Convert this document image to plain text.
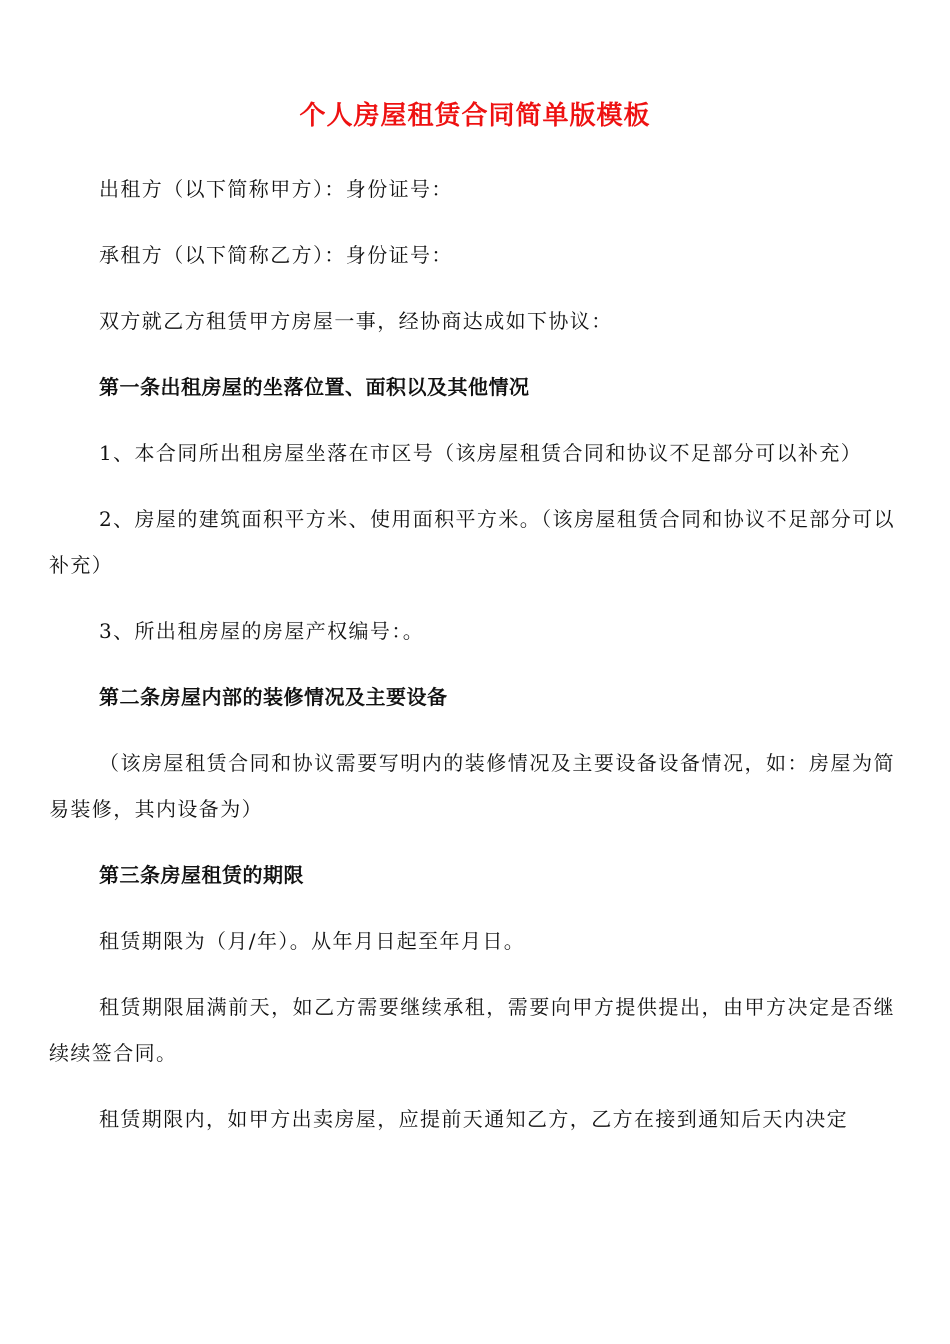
个人房屋租赁合同简单版模板

出租方（以下简称甲方）：身份证号：

承租方（以下简称乙方）：身份证号：

双方就乙方租赁甲方房屋一事，经协商达成如下协议：

第一条出租房屋的坐落位置、面积以及其他情况

1、本合同所出租房屋坐落在市区号（该房屋租赁合同和协议不足部分可以补充）

2、房屋的建筑面积平方米、使用面积平方米。（该房屋租赁合同和协议不足部分可以补充）

3、所出租房屋的房屋产权编号：。

第二条房屋内部的装修情况及主要设备

（该房屋租赁合同和协议需要写明内的装修情况及主要设备设备情况，如：房屋为简易装修，其内设备为）

第三条房屋租赁的期限

租赁期限为（月/年）。从年月日起至年月日。

租赁期限届满前天，如乙方需要继续承租，需要向甲方提供提出，由甲方决定是否继续续签合同。

租赁期限内，如甲方出卖房屋，应提前天通知乙方，乙方在接到通知后天内决定
